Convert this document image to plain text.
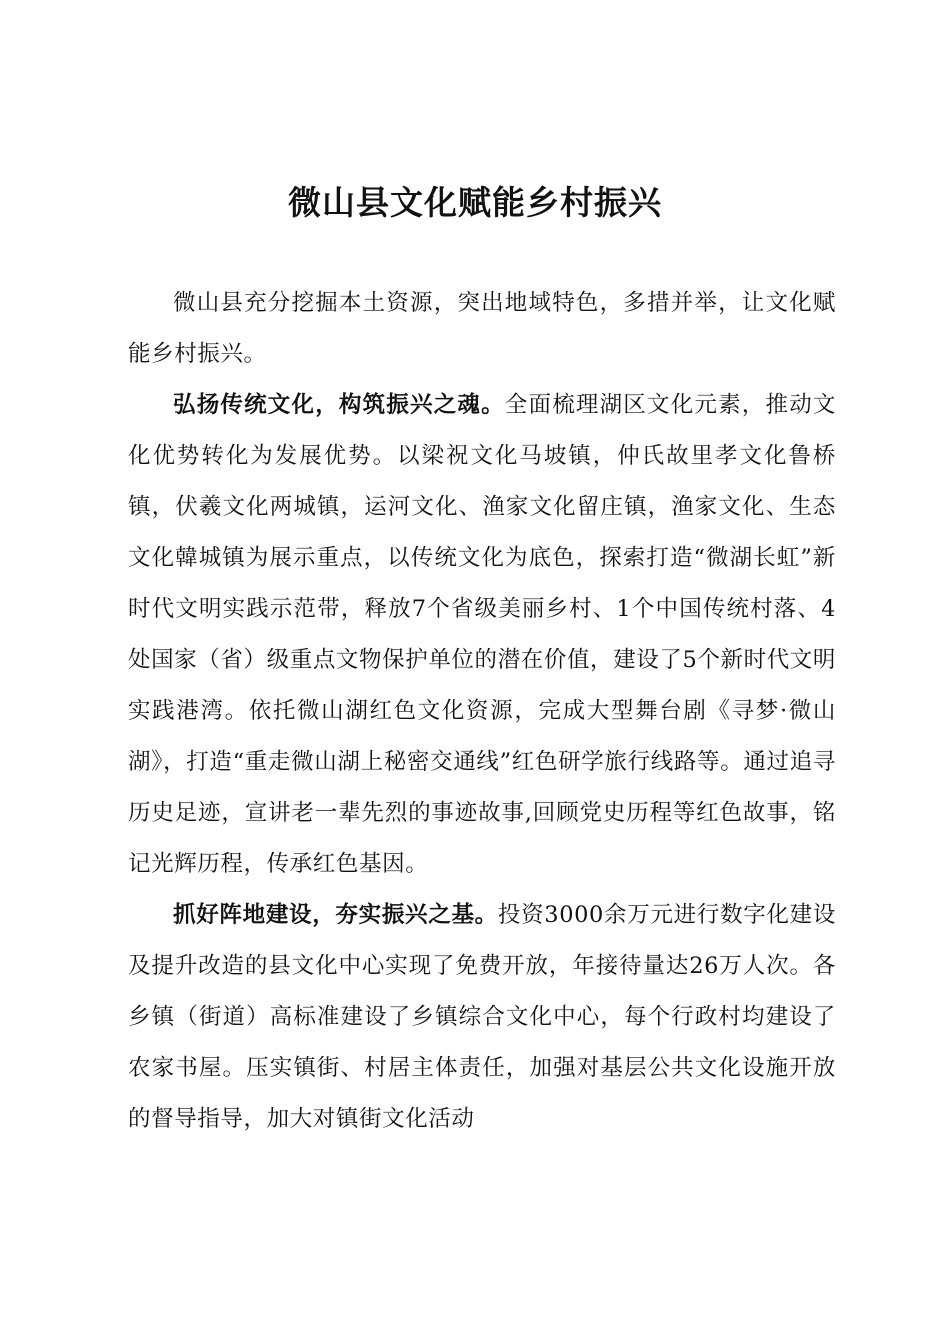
微山县文化赋能乡村振兴

微山县充分挖掘本土资源，突出地域特色，多措并举，让文化赋能乡村振兴。

弘扬传统文化，构筑振兴之魂。全面梳理湖区文化元素，推动文化优势转化为发展优势。以梁祝文化马坡镇，仲氏故里孝文化鲁桥镇，伏羲文化两城镇，运河文化、渔家文化留庄镇，渔家文化、生态文化韓城镇为展示重点，以传统文化为底色，探索打造“微湖长虹”新时代文明实践示范带，释放7个省级美丽乡村、1个中国传统村落、4处国家（省）级重点文物保护单位的潜在价值，建设了5个新时代文明实践港湾。依托微山湖红色文化资源，完成大型舞台剧《寻梦·微山湖》，打造“重走微山湖上秘密交通线”红色研学旅行线路等。通过追寻历史足迹，宣讲老一辈先烈的事迹故事,回顾党史历程等红色故事，铭记光辉历程，传承红色基因。

抓好阵地建设，夯实振兴之基。投资3000余万元进行数字化建设及提升改造的县文化中心实现了免费开放，年接待量达26万人次。各乡镇（街道）高标准建设了乡镇综合文化中心，每个行政村均建设了农家书屋。压实镇街、村居主体责任，加强对基层公共文化设施开放的督导指导，加大对镇街文化活动
